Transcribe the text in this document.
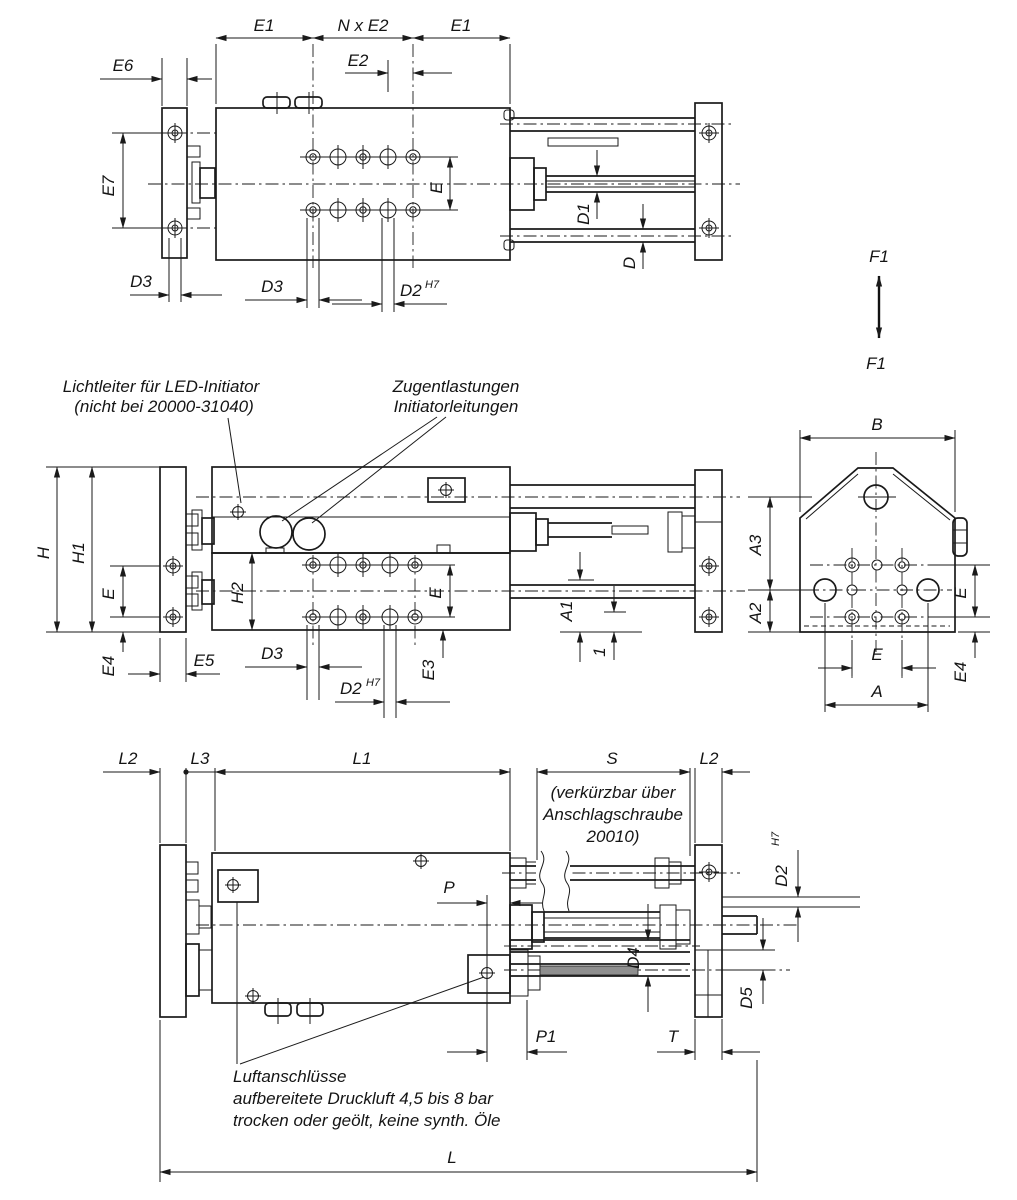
E1	N x E2	E1
E2
E6
E7	E
D3	D3	D2 H7
D1
D	F1
F1
Lichtleiter für LED-Initiator
(nicht bei 20000-31040)
Zugentlastungen
Initiatorleitungen
H H1
E
E4	E5
H2
D3
D2 H7
E
E3
A1
1
A3
A2
B
E
E4
E
A
L2	L3	L1	S	L2
(verkürzbar über
Anschlagschraube
20010)
D2
H7
P
D4
D5
P1	T
Luftanschlüsse
aufbereitete Druckluft 4,5 bis 8 bar
trocken oder geölt, keine synth. Öle
L
